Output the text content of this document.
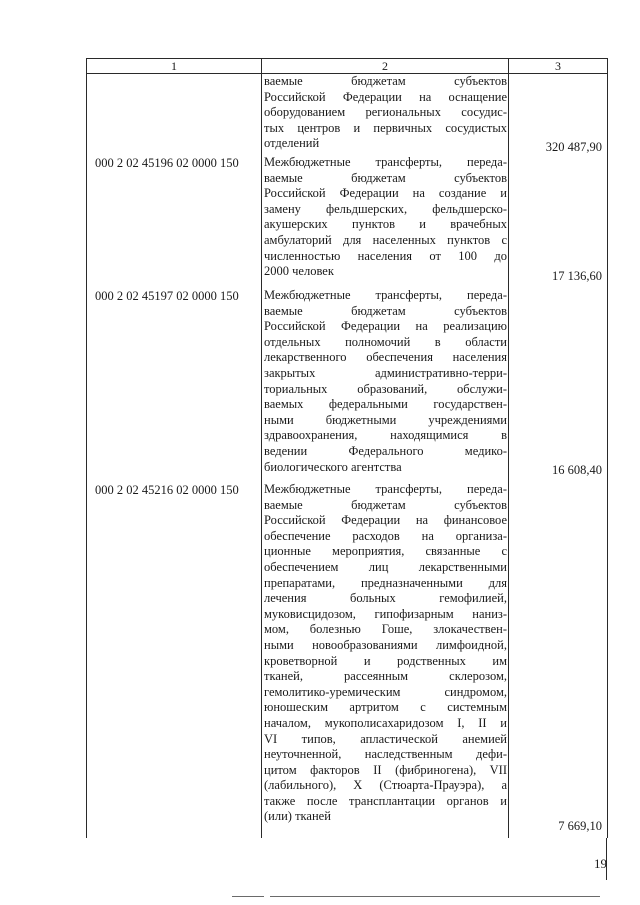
1	2	3
ваемые бюджетам субъектов
Российской Федерации на оснащение
оборудованием региональных сосудис-
тых центров и первичных сосудистых
отделений	320 487,90
000 2 02 45196 02 0000 150	Межбюджетные трансферты, переда-
ваемые бюджетам субъектов
Российской Федерации на создание и
замену фельдшерских, фельдшерско-
акушерских пунктов и врачебных
амбулаторий для населенных пунктов с
численностью населения от 100 до
2000 человек	17 136,60
000 2 02 45197 02 0000 150	Межбюджетные трансферты, переда-
ваемые бюджетам субъектов
Российской Федерации на реализацию
отдельных полномочий в области
лекарственного обеспечения населения
закрытых административно-терри-
ториальных образований, обслужи-
ваемых федеральными государствен-
ными бюджетными учреждениями
здравоохранения, находящимися в
ведении Федерального медико-
биологического агентства	16 608,40
000 2 02 45216 02 0000 150	Межбюджетные трансферты, переда-
ваемые бюджетам субъектов
Российской Федерации на финансовое
обеспечение расходов на организа-
ционные мероприятия, связанные с
обеспечением лиц лекарственными
препаратами, предназначенными для
лечения больных гемофилией,
муковисцидозом, гипофизарным наниз-
мом, болезнью Гоше, злокачествен-
ными новообразованиями лимфоидной,
кроветворной и родственных им
тканей, рассеянным склерозом,
гемолитико-уремическим синдромом,
юношеским артритом с системным
началом, мукополисахаридозом I, II и
VI типов, апластической анемией
неуточненной, наследственным дефи-
цитом факторов II (фибриногена), VII
(лабильного), X (Стюарта-Прауэра), а
также после трансплантации органов и
(или) тканей
7 669,10
19
